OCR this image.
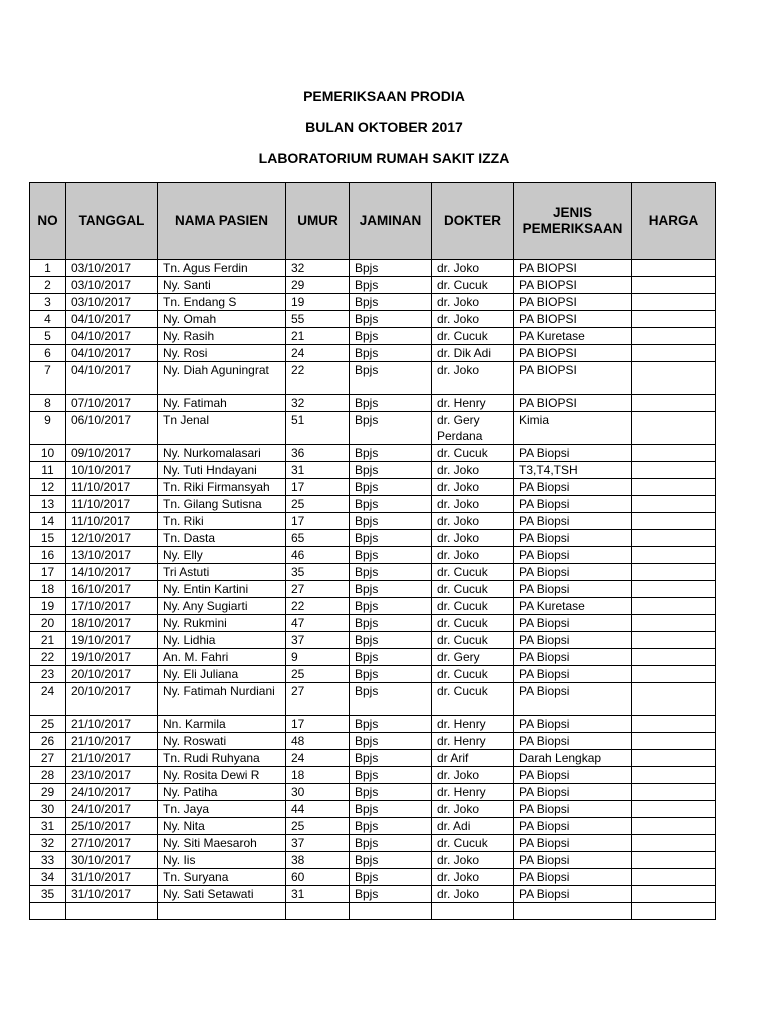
PEMERIKSAAN PRODIA
BULAN OKTOBER 2017
LABORATORIUM RUMAH SAKIT IZZA
NO	TANGGAL	NAMA PASIEN	UMUR	JAMINAN	DOKTER	JENIS PEMERIKSAAN	HARGA
1	03/10/2017	Tn. Agus Ferdin	32	Bpjs	dr. Joko	PA BIOPSI	
2	03/10/2017	Ny. Santi	29	Bpjs	dr. Cucuk	PA BIOPSI	
3	03/10/2017	Tn. Endang S	19	Bpjs	dr. Joko	PA BIOPSI	
4	04/10/2017	Ny. Omah	55	Bpjs	dr. Joko	PA BIOPSI	
5	04/10/2017	Ny. Rasih	21	Bpjs	dr. Cucuk	PA Kuretase	
6	04/10/2017	Ny. Rosi	24	Bpjs	dr. Dik Adi	PA BIOPSI	
7	04/10/2017	Ny. Diah Aguningrat	22	Bpjs	dr. Joko	PA BIOPSI	
8	07/10/2017	Ny. Fatimah	32	Bpjs	dr. Henry	PA BIOPSI	
9	06/10/2017	Tn Jenal	51	Bpjs	dr. Gery Perdana	Kimia	
10	09/10/2017	Ny. Nurkomalasari	36	Bpjs	dr. Cucuk	PA Biopsi	
11	10/10/2017	Ny. Tuti Hndayani	31	Bpjs	dr. Joko	T3,T4,TSH	
12	11/10/2017	Tn. Riki Firmansyah	17	Bpjs	dr. Joko	PA Biopsi	
13	11/10/2017	Tn. Gilang Sutisna	25	Bpjs	dr. Joko	PA Biopsi	
14	11/10/2017	Tn. Riki	17	Bpjs	dr. Joko	PA Biopsi	
15	12/10/2017	Tn. Dasta	65	Bpjs	dr. Joko	PA Biopsi	
16	13/10/2017	Ny. Elly	46	Bpjs	dr. Joko	PA Biopsi	
17	14/10/2017	Tri Astuti	35	Bpjs	dr. Cucuk	PA Biopsi	
18	16/10/2017	Ny. Entin Kartini	27	Bpjs	dr. Cucuk	PA Biopsi	
19	17/10/2017	Ny. Any Sugiarti	22	Bpjs	dr. Cucuk	PA Kuretase	
20	18/10/2017	Ny. Rukmini	47	Bpjs	dr. Cucuk	PA Biopsi	
21	19/10/2017	Ny. Lidhia	37	Bpjs	dr. Cucuk	PA Biopsi	
22	19/10/2017	An. M. Fahri	9	Bpjs	dr. Gery	PA Biopsi	
23	20/10/2017	Ny. Eli Juliana	25	Bpjs	dr. Cucuk	PA Biopsi	
24	20/10/2017	Ny. Fatimah Nurdiani	27	Bpjs	dr. Cucuk	PA Biopsi	
25	21/10/2017	Nn. Karmila	17	Bpjs	dr. Henry	PA Biopsi	
26	21/10/2017	Ny. Roswati	48	Bpjs	dr. Henry	PA Biopsi	
27	21/10/2017	Tn. Rudi Ruhyana	24	Bpjs	dr Arif	Darah Lengkap	
28	23/10/2017	Ny. Rosita Dewi R	18	Bpjs	dr. Joko	PA Biopsi	
29	24/10/2017	Ny. Patiha	30	Bpjs	dr. Henry	PA Biopsi	
30	24/10/2017	Tn. Jaya	44	Bpjs	dr. Joko	PA Biopsi	
31	25/10/2017	Ny. Nita	25	Bpjs	dr. Adi	PA Biopsi	
32	27/10/2017	Ny. Siti Maesaroh	37	Bpjs	dr. Cucuk	PA Biopsi	
33	30/10/2017	Ny. Iis	38	Bpjs	dr. Joko	PA Biopsi	
34	31/10/2017	Tn. Suryana	60	Bpjs	dr. Joko	PA Biopsi	
35	31/10/2017	Ny. Sati Setawati	31	Bpjs	dr. Joko	PA Biopsi	
